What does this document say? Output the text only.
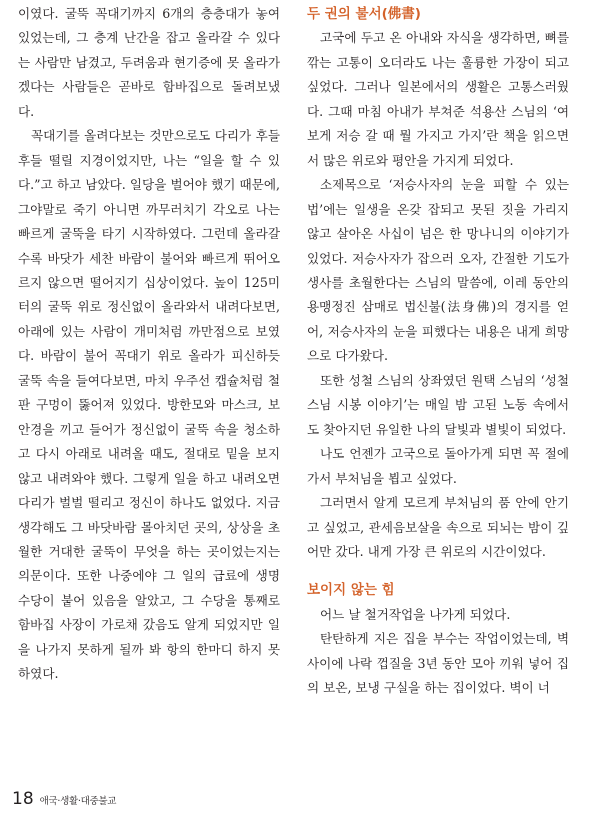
이였다. 굴뚝 꼭대기까지 6개의 층층대가 놓여 있었는데, 그 층계 난간을 잡고 올라갈 수 있다는 사람만 남겼고, 두려움과 현기증에 못 올라가겠다는 사람들은 곧바로 함바집으로 돌려보냈다.

꼭대기를 올려다보는 것만으로도 다리가 후들후들 떨릴 지경이었지만, 나는 “일을 할 수 있다.”고 하고 남았다. 일당을 벌어야 했기 때문에, 그야말로 죽기 아니면 까무러치기 각오로 나는 빠르게 굴뚝을 타기 시작하였다. 그런데 올라갈수록 바닷가 세찬 바람이 불어와 빠르게 뛰어오르지 않으면 떨어지기 십상이었다. 높이 125미터의 굴뚝 위로 정신없이 올라와서 내려다보면, 아래에 있는 사람이 개미처럼 까만점으로 보였다. 바람이 불어 꼭대기 위로 올라가 피신하듯 굴뚝 속을 들여다보면, 마치 우주선 캡슐처럼 철판 구멍이 뚫어져 있었다. 방한모와 마스크, 보안경을 끼고 들어가 정신없이 굴뚝 속을 청소하고 다시 아래로 내려올 때도, 절대로 밑을 보지 않고 내려와야 했다. 그렇게 일을 하고 내려오면 다리가 벌벌 떨리고 정신이 하나도 없었다. 지금 생각해도 그 바닷바람 몰아치던 곳의, 상상을 초월한 거대한 굴뚝이 무엇을 하는 곳이었는지는 의문이다. 또한 나중에야 그 일의 급료에 생명 수당이 붙어 있음을 알았고, 그 수당을 통째로 함바집 사장이 가로채 갔음도 알게 되었지만 일을 나가지 못하게 될까 봐 항의 한마디 하지 못하였다.

두 권의 불서(佛書)

고국에 두고 온 아내와 자식을 생각하면, 뼈를 깎는 고통이 오더라도 나는 훌륭한 가장이 되고 싶었다. 그러나 일본에서의 생활은 고통스러웠다. 그때 마침 아내가 부쳐준 석용산 스님의 ‘여보게 저승 갈 때 뭘 가지고 가지’란 책을 읽으면서 많은 위로와 평안을 가지게 되었다.

소제목으로 ‘저승사자의 눈을 피할 수 있는 법’에는 일생을 온갖 잡되고 못된 짓을 가리지 않고 살아온 사십이 넘은 한 망나니의 이야기가 있었다. 저승사자가 잡으러 오자, 간절한 기도가 생사를 초월한다는 스님의 말씀에, 이레 동안의 용맹정진 삼매로 법신불(法身佛)의 경지를 얻어, 저승사자의 눈을 피했다는 내용은 내게 희망으로 다가왔다.

또한 성철 스님의 상좌였던 원택 스님의 ‘성철스님 시봉 이야기’는 매일 밤 고된 노동 속에서도 찾아지던 유일한 나의 달빛과 별빛이 되었다.

나도 언젠가 고국으로 돌아가게 되면 꼭 절에 가서 부처님을 뵙고 싶었다.

그러면서 알게 모르게 부처님의 품 안에 안기고 싶었고, 관세음보살을 속으로 되뇌는 밤이 깊어만 갔다. 내게 가장 큰 위로의 시간이었다.

보이지 않는 힘

어느 날 철거작업을 나가게 되었다.

탄탄하게 지은 집을 부수는 작업이었는데, 벽 사이에 나락 껍질을 3년 동안 모아 끼워 넣어 집의 보온, 보냉 구실을 하는 집이었다. 벽이 너

18 애국·생활·대중불교
